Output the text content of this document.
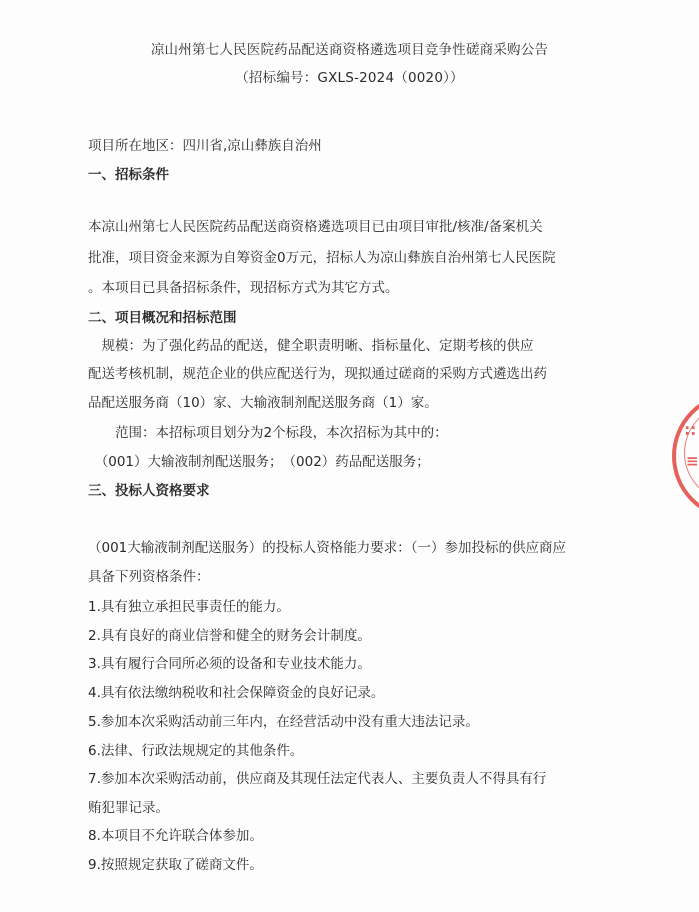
凉山州第七人民医院药品配送商资格遴选项目竞争性磋商采购公告
（招标编号：GXLS-2024（0020））
项目所在地区：四川省,凉山彝族自治州
一、招标条件
本凉山州第七人民医院药品配送商资格遴选项目已由项目审批/核准/备案机关
批准，项目资金来源为自筹资金0万元，招标人为凉山彝族自治州第七人民医院
。本项目已具备招标条件，现招标方式为其它方式。
二、项目概况和招标范围
　规模：为了强化药品的配送，健全职责明晰、指标量化、定期考核的供应
配送考核机制，规范企业的供应配送行为，现拟通过磋商的采购方式遴选出药
品配送服务商（10）家、大输液制剂配送服务商（1）家。
　　范围：本招标项目划分为2个标段，本次招标为其中的：
　（001）大输液制剂配送服务；　（002）药品配送服务；
三、投标人资格要求
（001大输液制剂配送服务）的投标人资格能力要求：（一）参加投标的供应商应
具备下列资格条件：
1.具有独立承担民事责任的能力。
2.具有良好的商业信誉和健全的财务会计制度。
3.具有履行合同所必须的设备和专业技术能力。
4.具有依法缴纳税收和社会保障资金的良好记录。
5.参加本次采购活动前三年内，在经营活动中没有重大违法记录。
6.法律、行政法规规定的其他条件。
7.参加本次采购活动前，供应商及其现任法定代表人、主要负责人不得具有行
贿犯罪记录。
8.本项目不允许联合体参加。
9.按照规定获取了磋商文件。
∷
≡
